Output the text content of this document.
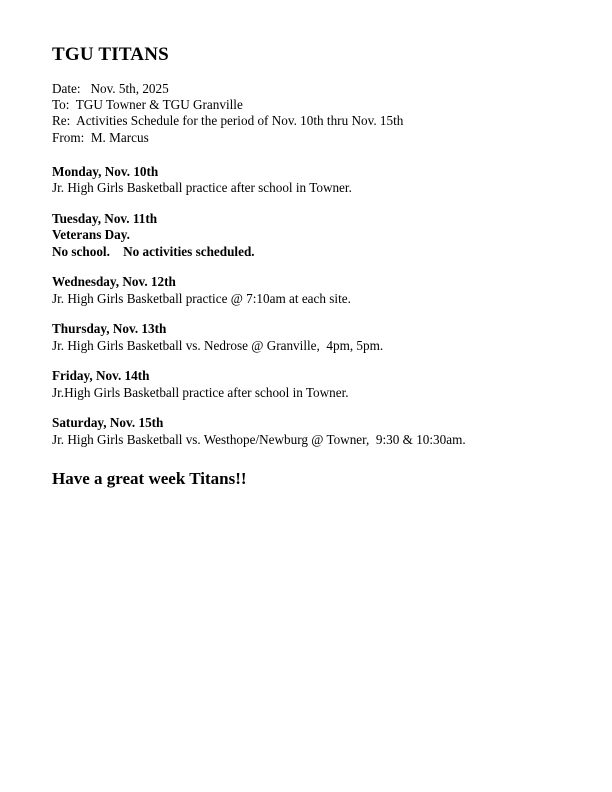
TGU TITANS
Date:   Nov. 5th, 2025
To:  TGU Towner & TGU Granville
Re:  Activities Schedule for the period of Nov. 10th thru Nov. 15th
From:  M. Marcus
Monday, Nov. 10th
Jr. High Girls Basketball practice after school in Towner.
Tuesday, Nov. 11th
Veterans Day.
No school.    No activities scheduled.
Wednesday, Nov. 12th
Jr. High Girls Basketball practice @ 7:10am at each site.
Thursday, Nov. 13th
Jr. High Girls Basketball vs. Nedrose @ Granville,  4pm, 5pm.
Friday, Nov. 14th
Jr.High Girls Basketball practice after school in Towner.
Saturday, Nov. 15th
Jr. High Girls Basketball vs. Westhope/Newburg @ Towner,  9:30 & 10:30am.
Have a great week Titans!!
